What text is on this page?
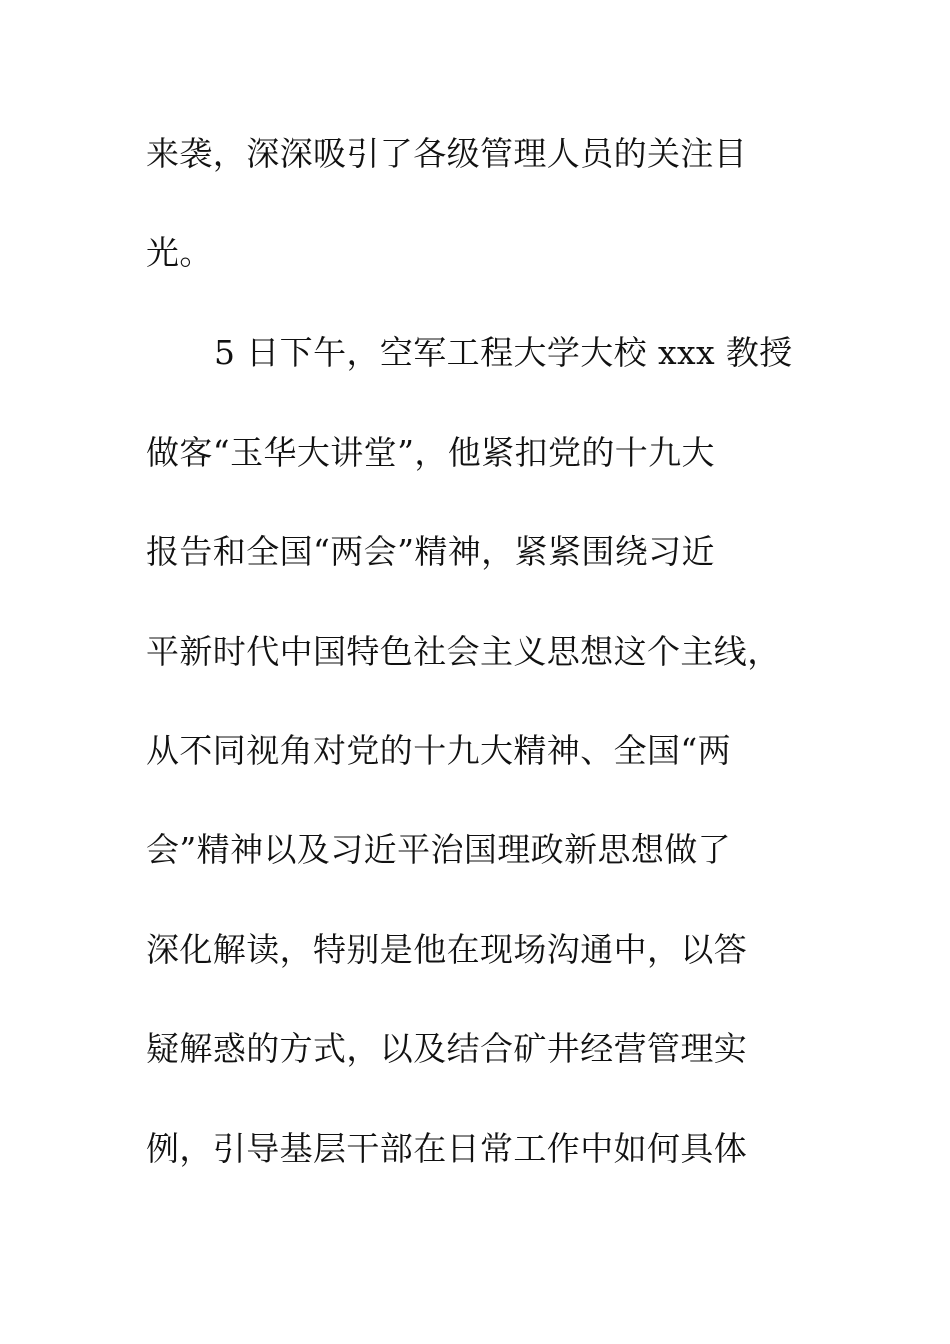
来袭，深深吸引了各级管理人员的关注目
光。
5 日下午，空军工程大学大校 xxx 教授
做客“玉华大讲堂”，他紧扣党的十九大
报告和全国“两会”精神，紧紧围绕习近
平新时代中国特色社会主义思想这个主线，
从不同视角对党的十九大精神、全国“两
会”精神以及习近平治国理政新思想做了
深化解读，特别是他在现场沟通中，以答
疑解惑的方式，以及结合矿井经营管理实
例，引导基层干部在日常工作中如何具体
